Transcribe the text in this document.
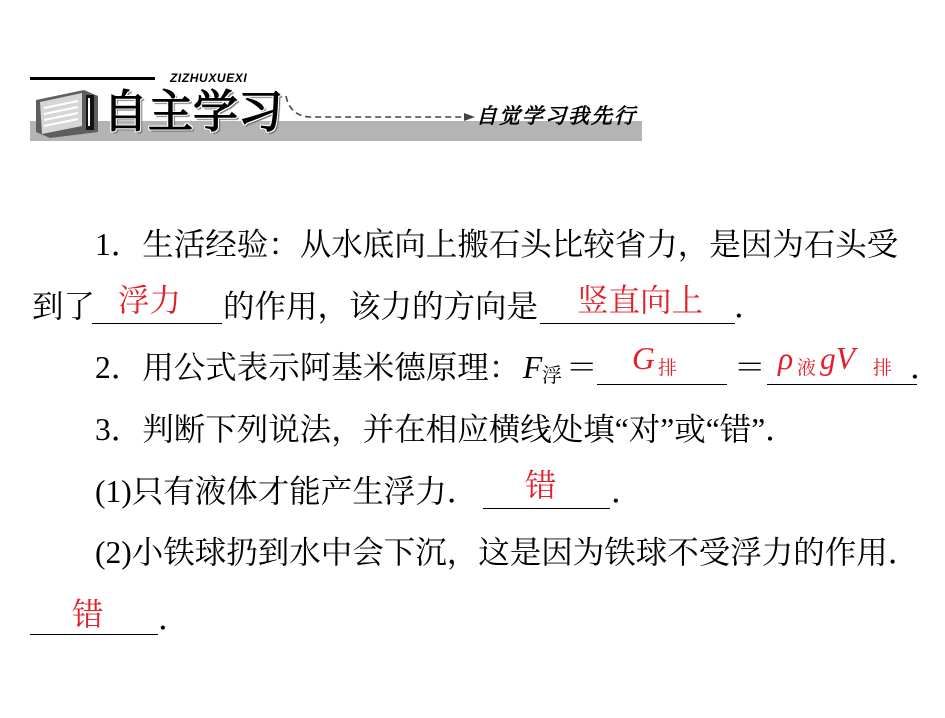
ZIZHUXUEXI
自主学习	自觉学习我先行
1．生活经验：从水底向上搬石头比较省力，是因为石头受
到了 浮力 的作用，该力的方向是 竖直向上 ．
2．用公式表示阿基米德原理： F 浮 ＝ G 排 ＝ ρ 液 gV 排 ．
3．判断下列说法，并在相应横线处填“对”或“错”．
(1)只有液体才能产生浮力． 错 ．
(2)小铁球扔到水中会下沉，这是因为铁球不受浮力的作用．
错 ．
